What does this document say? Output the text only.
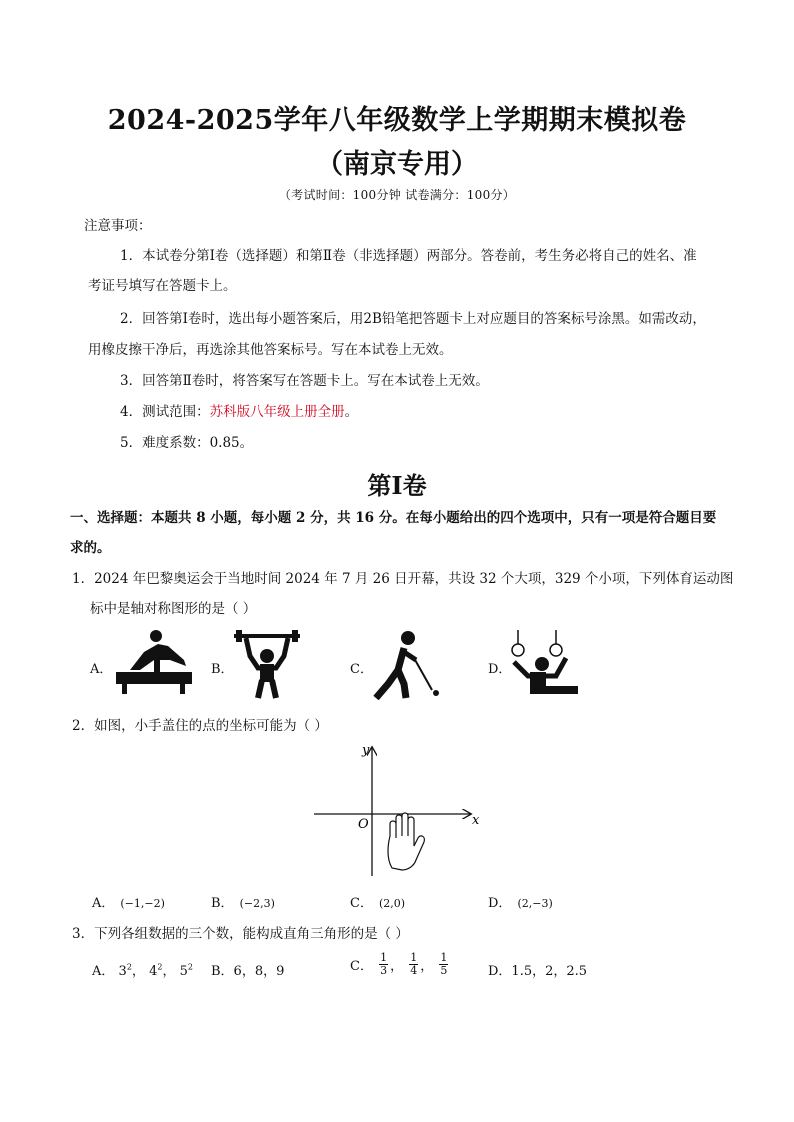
2024-2025学年八年级数学上学期期末模拟卷
（南京专用）
（考试时间：100分钟 试卷满分：100分）
注意事项：
1．本试卷分第Ⅰ卷（选择题）和第Ⅱ卷（非选择题）两部分。答卷前，考生务必将自己的姓名、准
考证号填写在答题卡上。
2．回答第Ⅰ卷时，选出每小题答案后，用2B铅笔把答题卡上对应题目的答案标号涂黑。如需改动，
用橡皮擦干净后，再选涂其他答案标号。写在本试卷上无效。
3．回答第Ⅱ卷时，将答案写在答题卡上。写在本试卷上无效。
4．测试范围：苏科版八年级上册全册。
5．难度系数：0.85。
第Ⅰ卷
一、选择题：本题共 8 小题，每小题 2 分，共 16 分。在每小题给出的四个选项中，只有一项是符合题目要
求的。
1．2024 年巴黎奥运会于当地时间 2024 年 7 月 26 日开幕，共设 32 个大项，329 个小项，下列体育运动图
标中是轴对称图形的是（ ）
A．	B．	C．	D．
2．如图，小手盖住的点的坐标可能为（ ）
x
y
O
A． (−1,−2)	B． (−2,3)	C． (2,0)	D． (2,−3)
3．下列各组数据的三个数，能构成直角三角形的是（ ）
A． $3^2$， $4^2$， $5^2$ B．6，8，9	C． $\frac{1}{3}$ ， $\frac{1}{4}$ ， $\frac{1}{5}$	D．1.5，2，2.5
